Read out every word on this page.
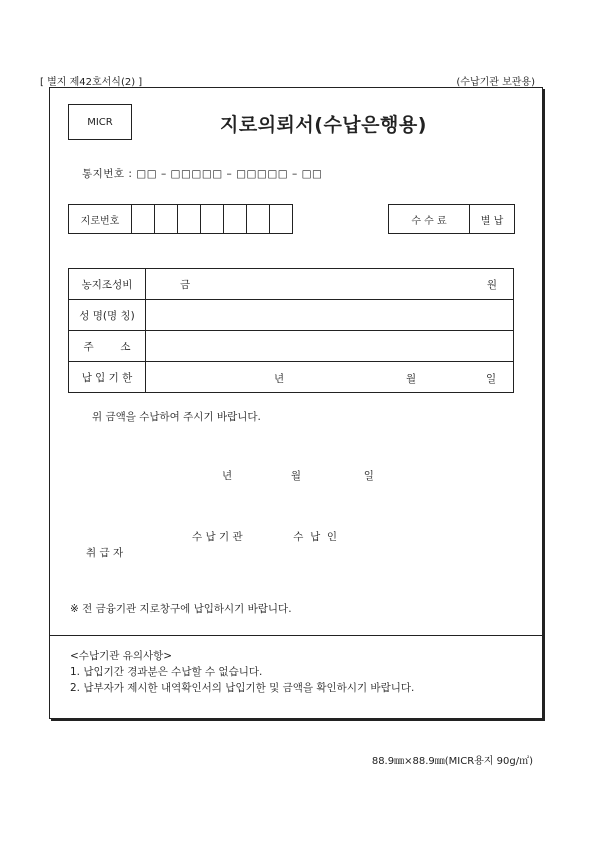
[ 별지 제42호서식(2) ]	(수납기관 보관용)
MICR	지로의뢰서(수납은행용)
통지번호 : □□ – □□□□□ – □□□□□ – □□
지로번호								수 수 료	별 납
농지조성비	금 원

성 명(명 칭)	
주        소	
납 입 기 한	년 월 일
위 금액을 수납하여 주시기 바랍니다.
년	월	일
수 납 기 관	수  납  인
취 급 자
※ 전 금융기관 지로창구에 납입하시기 바랍니다.
<수납기관 유의사항>
1. 납입기간 경과분은 수납할 수 없습니다.
2. 납부자가 제시한 내역확인서의 납입기한 및 금액을 확인하시기 바랍니다.
88.9㎜×88.9㎜(MICR용지 90g/㎡)
